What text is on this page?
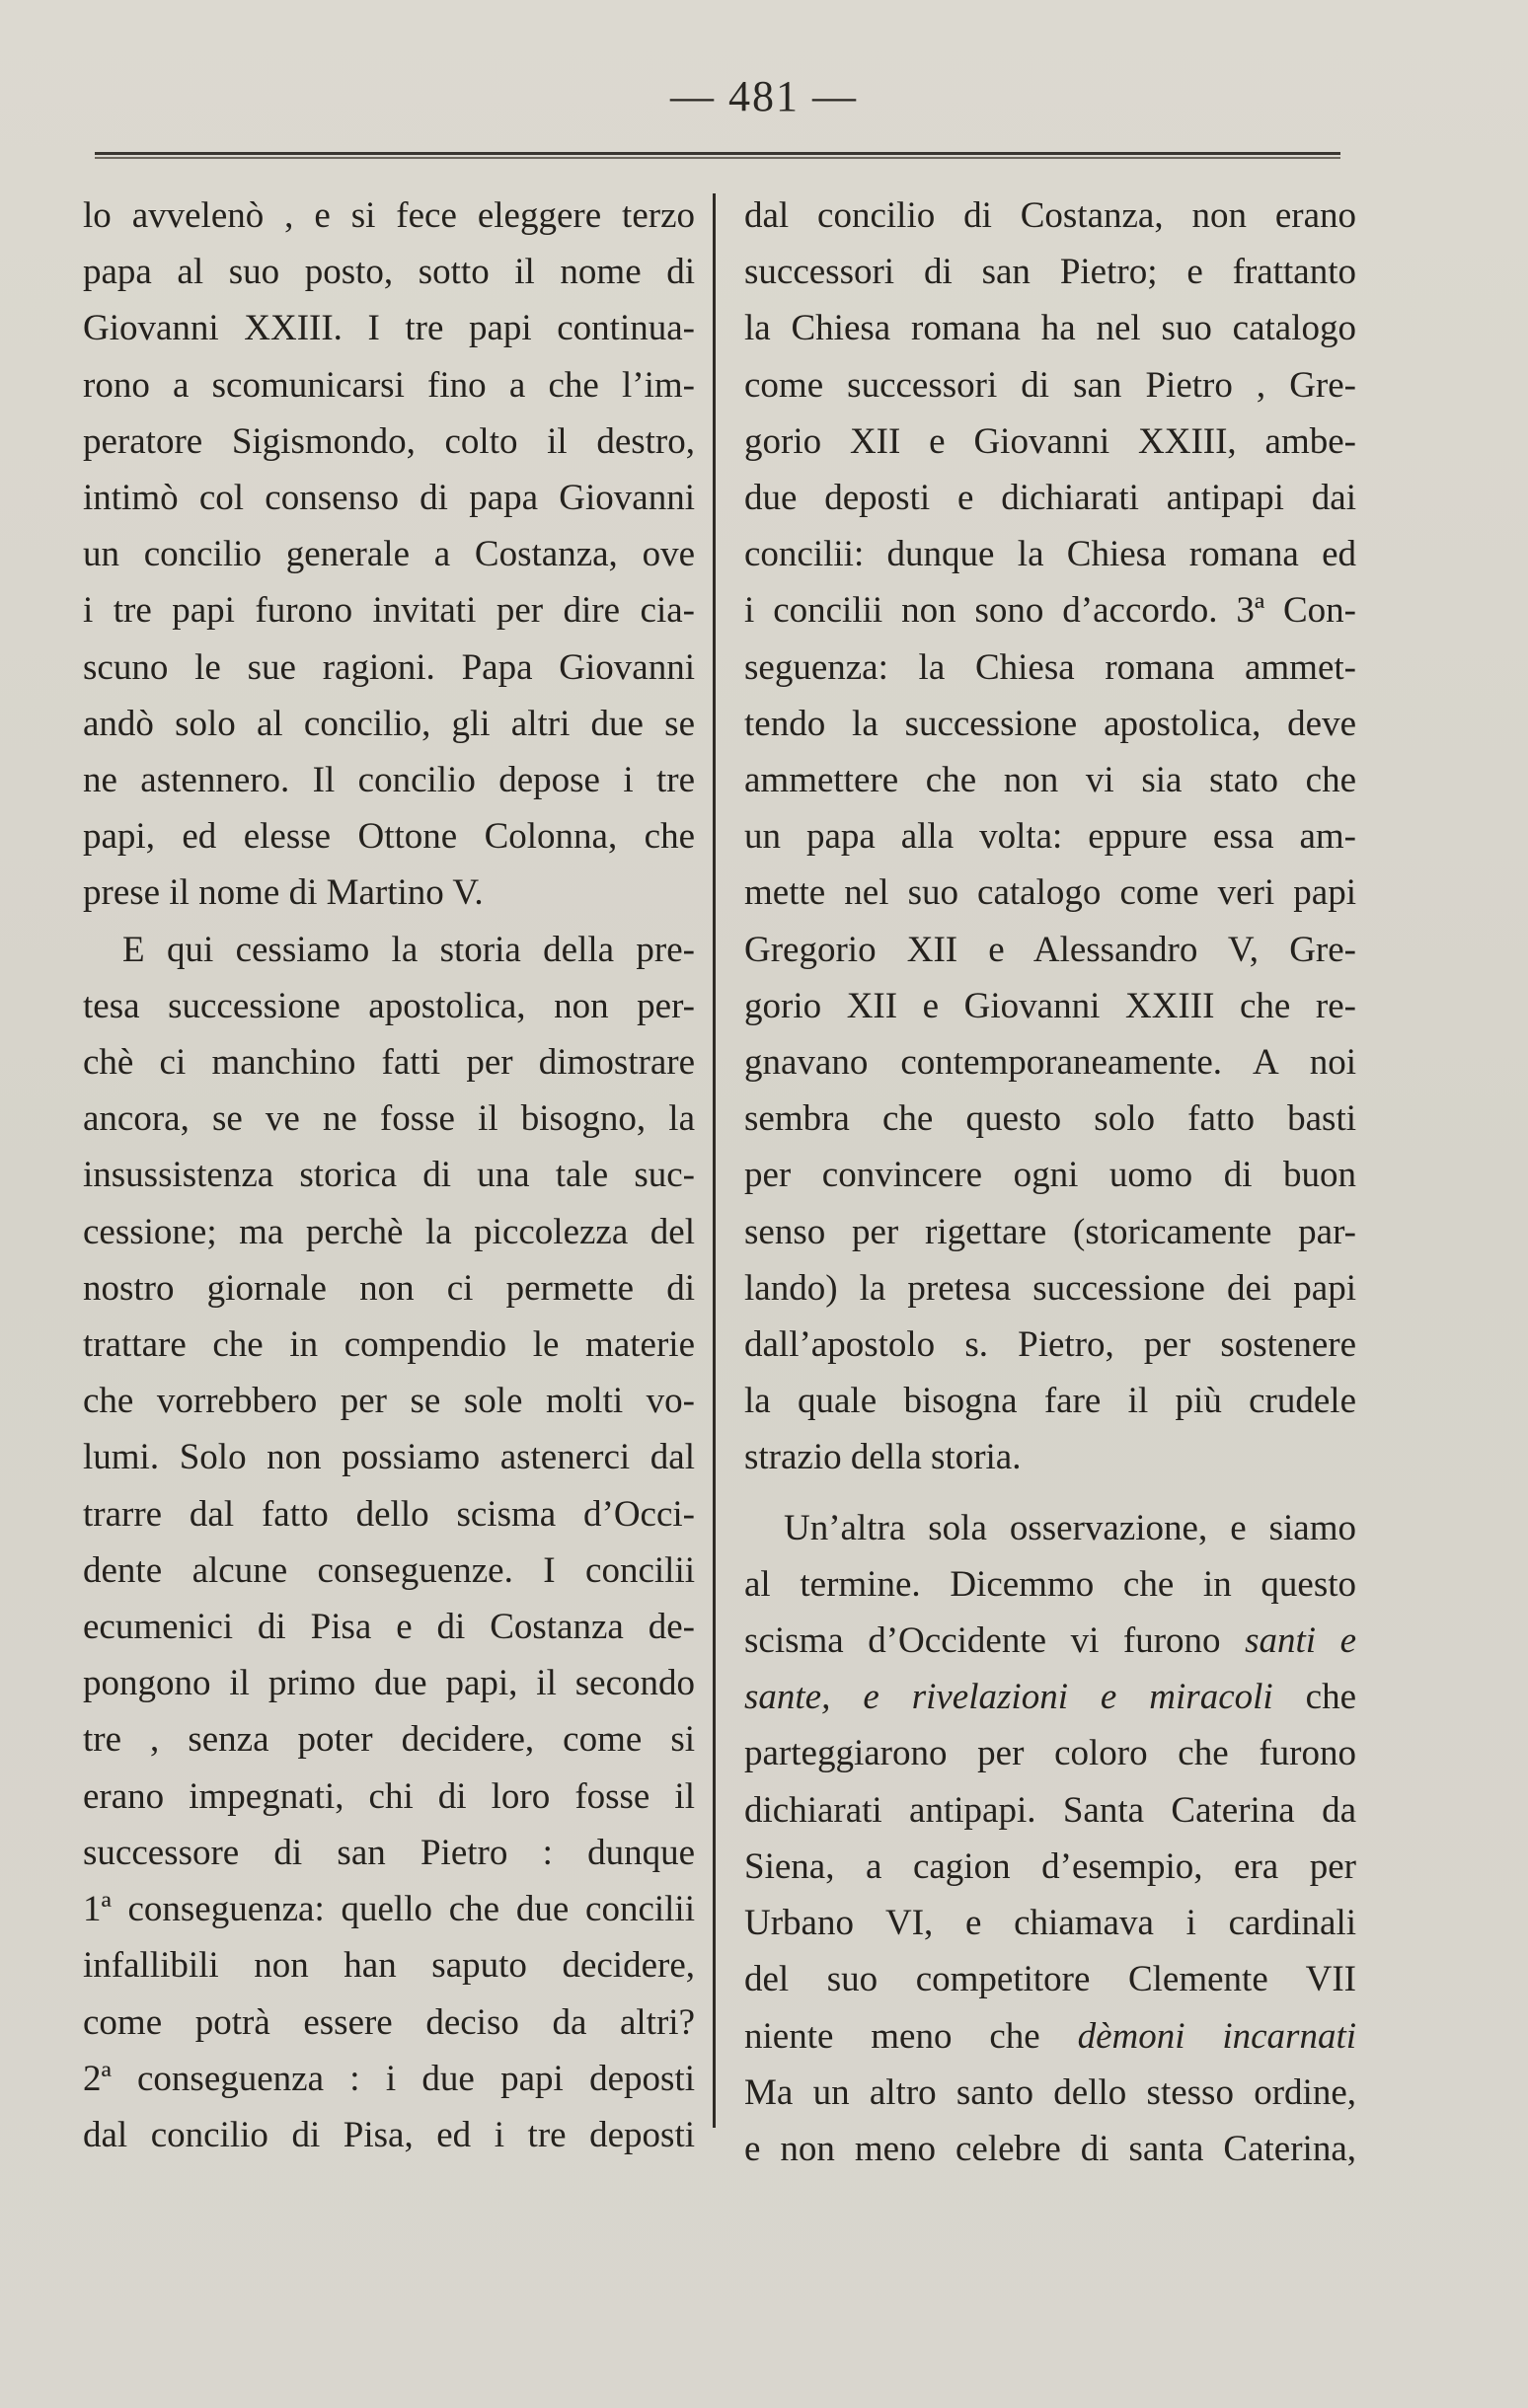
— 481 —
lo avvelenò , e si fece eleggere terzo
papa al suo posto, sotto il nome di
Giovanni XXIII. I tre papi continua-
rono a scomunicarsi fino a che l’im-
peratore Sigismondo, colto il destro,
intimò col consenso di papa Giovanni
un concilio generale a Costanza, ove
i tre papi furono invitati per dire cia-
scuno le sue ragioni. Papa Giovanni
andò solo al concilio, gli altri due se
ne astennero. Il concilio depose i tre
papi, ed elesse Ottone Colonna, che
prese il nome di Martino V.
E qui cessiamo la storia della pre-
tesa successione apostolica, non per-
chè ci manchino fatti per dimostrare
ancora, se ve ne fosse il bisogno, la
insussistenza storica di una tale suc-
cessione; ma perchè la piccolezza del
nostro giornale non ci permette di
trattare che in compendio le materie
che vorrebbero per se sole molti vo-
lumi. Solo non possiamo astenerci dal
trarre dal fatto dello scisma d’Occi-
dente alcune conseguenze. I concilii
ecumenici di Pisa e di Costanza de-
pongono il primo due papi, il secondo
tre , senza poter decidere, come si
erano impegnati, chi di loro fosse il
successore di san Pietro : dunque
1ª conseguenza: quello che due concilii
infallibili non han saputo decidere,
come potrà essere deciso da altri?
2ª conseguenza : i due papi deposti
dal concilio di Pisa, ed i tre deposti
dal concilio di Costanza, non erano
successori di san Pietro; e frattanto
la Chiesa romana ha nel suo catalogo
come successori di san Pietro , Gre-
gorio XII e Giovanni XXIII, ambe-
due deposti e dichiarati antipapi dai
concilii: dunque la Chiesa romana ed
i concilii non sono d’accordo. 3ª Con-
seguenza: la Chiesa romana ammet-
tendo la successione apostolica, deve
ammettere che non vi sia stato che
un papa alla volta: eppure essa am-
mette nel suo catalogo come veri papi
Gregorio XII e Alessandro V, Gre-
gorio XII e Giovanni XXIII che re-
gnavano contemporaneamente. A noi
sembra che questo solo fatto basti
per convincere ogni uomo di buon
senso per rigettare (storicamente par-
lando) la pretesa successione dei papi
dall’apostolo s. Pietro, per sostenere
la quale bisogna fare il più crudele
strazio della storia.
Un’altra sola osservazione, e siamo
al termine. Dicemmo che in questo
scisma d’Occidente vi furono santi e
sante, e rivelazioni e miracoli che
parteggiarono per coloro che furono
dichiarati antipapi. Santa Caterina da
Siena, a cagion d’esempio, era per
Urbano VI, e chiamava i cardinali
del suo competitore Clemente VII
niente meno che dèmoni incarnati
Ma un altro santo dello stesso ordine,
e non meno celebre di santa Caterina,
